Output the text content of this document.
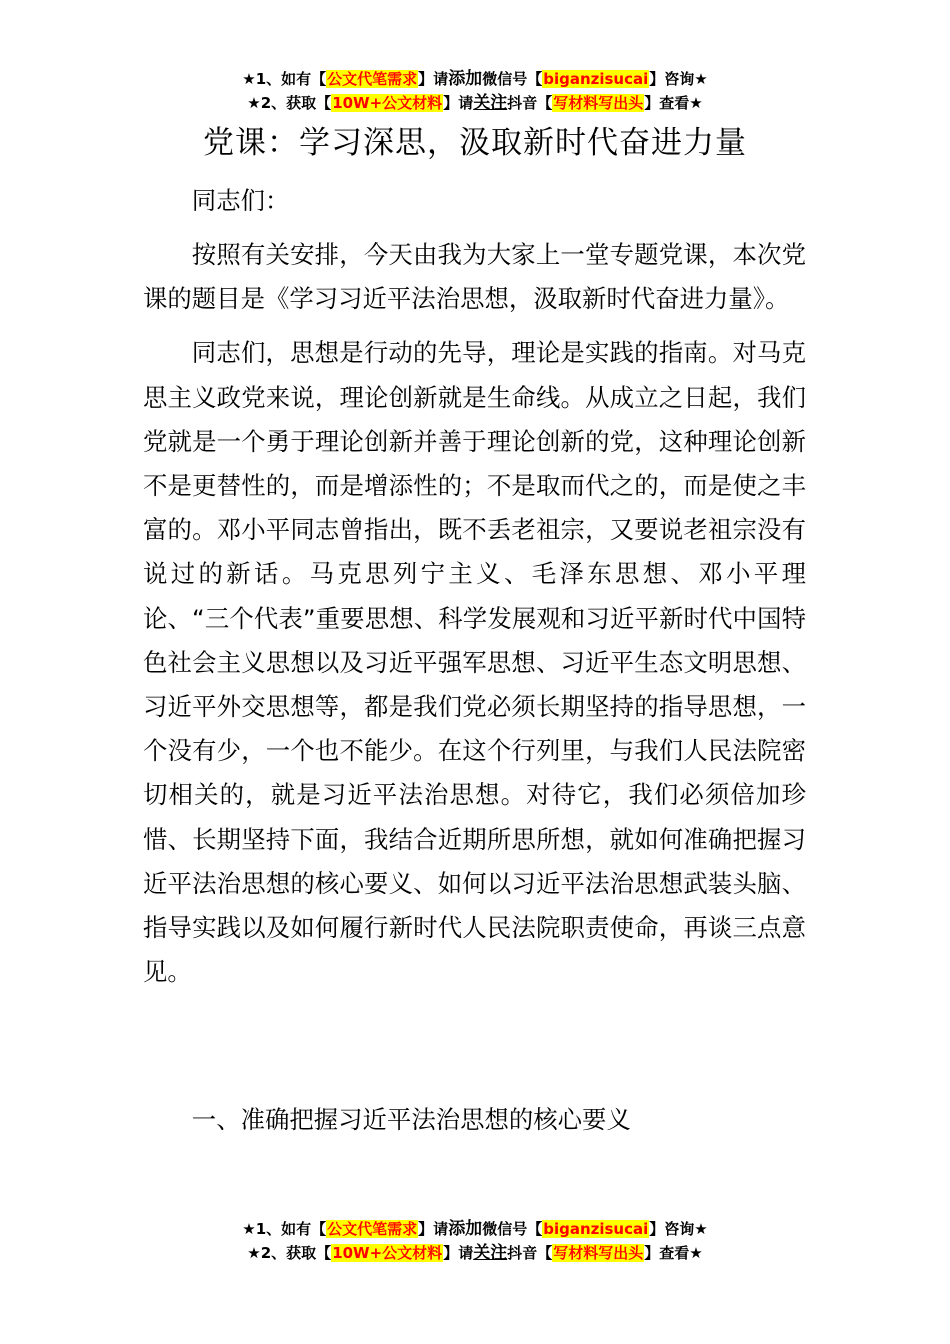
★1、如有【公文代笔需求】请添加微信号【biganzisucai】咨询★
★2、获取【10W+公文材料】请关注抖音【写材料写出头】查看★
党课：学习深思，汲取新时代奋进力量

同志们：

按照有关安排，今天由我为大家上一堂专题党课，本次党课的题目是《学习习近平法治思想，汲取新时代奋进力量》。

同志们，思想是行动的先导，理论是实践的指南。对马克思主义政党来说，理论创新就是生命线。从成立之日起，我们党就是一个勇于理论创新并善于理论创新的党，这种理论创新不是更替性的，而是增添性的；不是取而代之的，而是使之丰富的。邓小平同志曾指出，既不丢老祖宗，又要说老祖宗没有说过的新话。马克思列宁主义、毛泽东思想、邓小平理论、“三个代表”重要思想、科学发展观和习近平新时代中国特色社会主义思想以及习近平强军思想、习近平生态文明思想、习近平外交思想等，都是我们党必须长期坚持的指导思想，一个没有少，一个也不能少。在这个行列里，与我们人民法院密切相关的，就是习近平法治思想。对待它，我们必须倍加珍惜、长期坚持下面，我结合近期所思所想，就如何准确把握习近平法治思想的核心要义、如何以习近平法治思想武装头脑、指导实践以及如何履行新时代人民法院职责使命，再谈三点意见。

一、准确把握习近平法治思想的核心要义

★1、如有【公文代笔需求】请添加微信号【biganzisucai】咨询★
★2、获取【10W+公文材料】请关注抖音【写材料写出头】查看★
